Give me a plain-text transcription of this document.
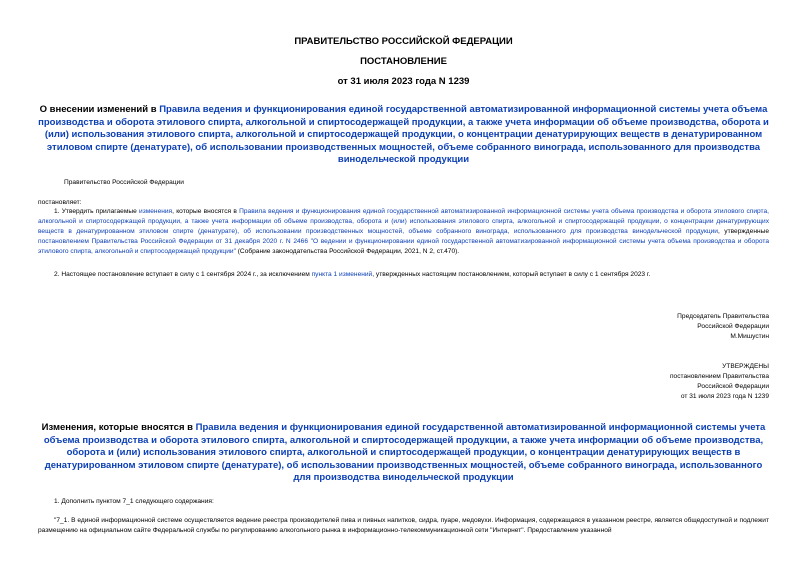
ПРАВИТЕЛЬСТВО РОССИЙСКОЙ ФЕДЕРАЦИИ
ПОСТАНОВЛЕНИЕ
от 31 июля 2023 года N 1239
О внесении изменений в Правила ведения и функционирования единой государственной автоматизированной информационной системы учета объема производства и оборота этилового спирта, алкогольной и спиртосодержащей продукции, а также учета информации об объеме производства, оборота и (или) использования этилового спирта, алкогольной и спиртосодержащей продукции, о концентрации денатурирующих веществ в денатурированном этиловом спирте (денатурате), об использовании производственных мощностей, объеме собранного винограда, использованного для производства винодельческой продукции
Правительство Российской Федерации
постановляет:
1. Утвердить прилагаемые изменения, которые вносятся в Правила ведения и функционирования единой государственной автоматизированной информационной системы учета объема производства и оборота этилового спирта, алкогольной и спиртосодержащей продукции, а также учета информации об объеме производства, оборота и (или) использования этилового спирта, алкогольной и спиртосодержащей продукции, о концентрации денатурирующих веществ в денатурированном этиловом спирте (денатурате), об использовании производственных мощностей, объеме собранного винограда, использованного для производства винодельческой продукции, утвержденные постановлением Правительства Российской Федерации от 31 декабря 2020 г. N 2466 "О ведении и функционировании единой государственной автоматизированной информационной системы учета объема производства и оборота этилового спирта, алкогольной и спиртосодержащей продукции" (Собрание законодательства Российской Федерации, 2021, N 2, ст.470).
2. Настоящее постановление вступает в силу с 1 сентября 2024 г., за исключением пункта 1 изменений, утвержденных настоящим постановлением, который вступает в силу с 1 сентября 2023 г.
Председатель Правительства
Российской Федерации
М.Мишустин
УТВЕРЖДЕНЫ
постановлением Правительства
Российской Федерации
от 31 июля 2023 года N 1239
Изменения, которые вносятся в Правила ведения и функционирования единой государственной автоматизированной информационной системы учета объема производства и оборота этилового спирта, алкогольной и спиртосодержащей продукции, а также учета информации об объеме производства, оборота и (или) использования этилового спирта, алкогольной и спиртосодержащей продукции, о концентрации денатурирующих веществ в денатурированном этиловом спирте (денатурате), об использовании производственных мощностей, объеме собранного винограда, использованного для производства винодельческой продукции
1. Дополнить пунктом 7_1 следующего содержания:
"7_1. В единой информационной системе осуществляется ведение реестра производителей пива и пивных напитков, сидра, пуаре, медовухи. Информация, содержащаяся в указанном реестре, является общедоступной и подлежит размещению на официальном сайте Федеральной службы по регулированию алкогольного рынка в информационно-телекоммуникационной сети "Интернет". Предоставление указанной
